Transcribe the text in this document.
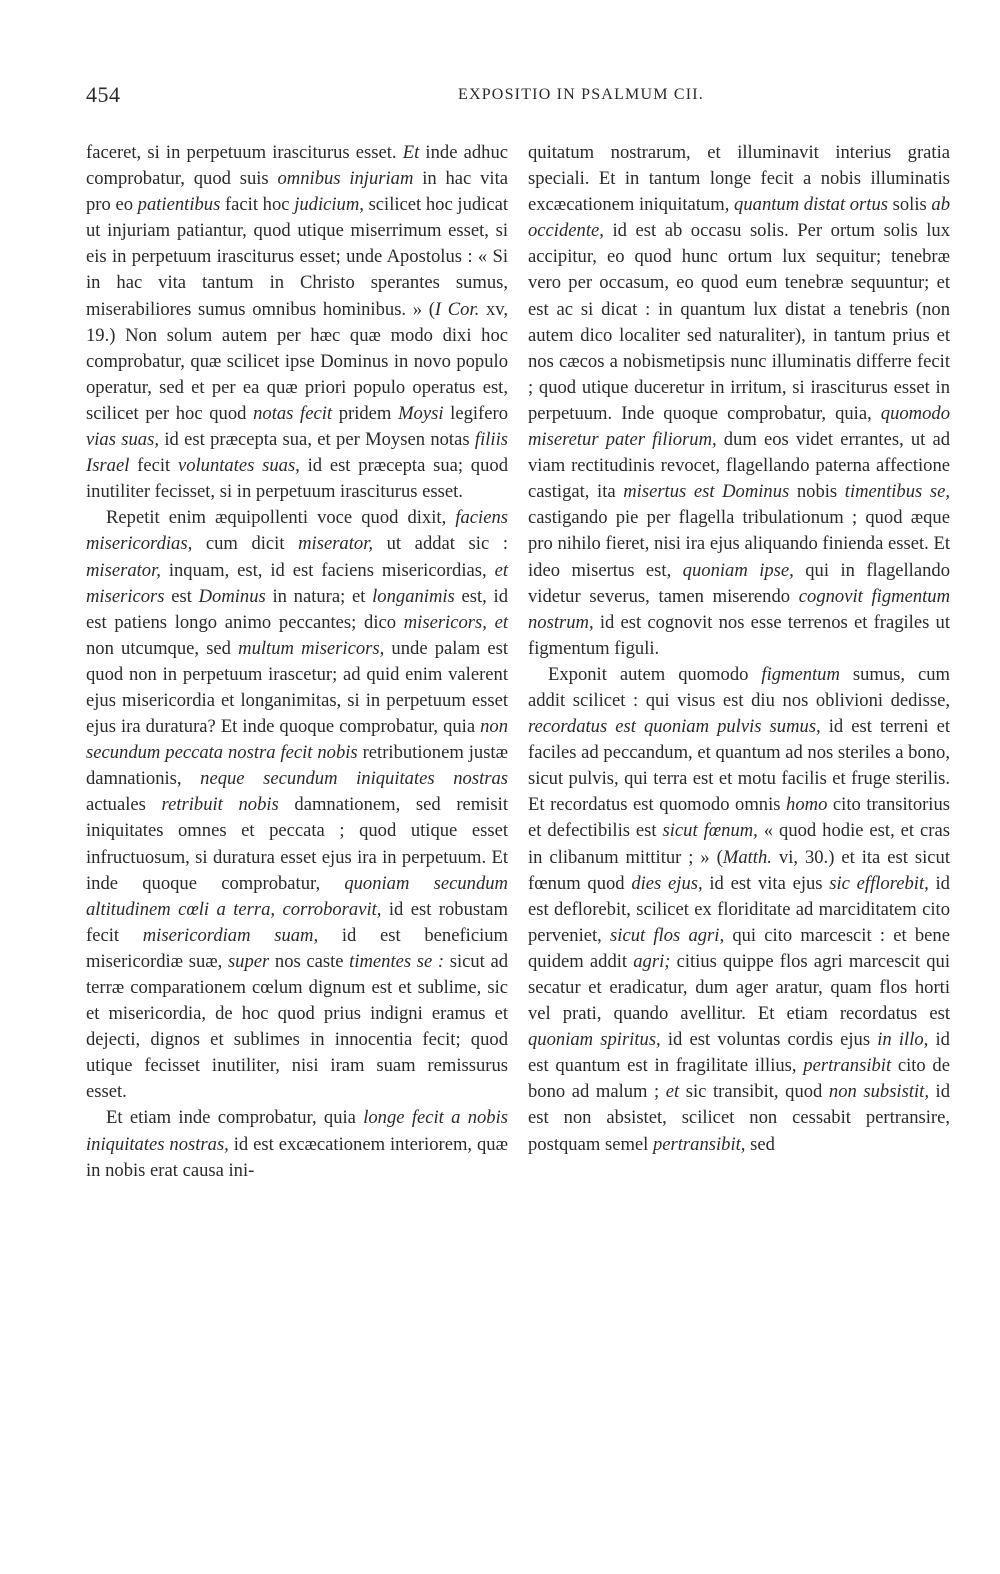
454	EXPOSITIO IN PSALMUM CII.

faceret, si in perpetuum irasciturus esset. Et inde adhuc comprobatur, quod suis omnibus injuriam in hac vita pro eo patientibus facit hoc judicium, scilicet hoc judicat ut injuriam patiantur, quod utique miserrimum esset, si eis in perpetuum irasciturus esset; unde Apostolus : « Si in hac vita tantum in Christo sperantes sumus, miserabiliores sumus omnibus hominibus. » (I Cor. xv, 19.) Non solum autem per hæc quæ modo dixi hoc comprobatur, quæ scilicet ipse Dominus in novo populo operatur, sed et per ea quæ priori populo operatus est, scilicet per hoc quod notas fecit pridem Moysi legifero vias suas, id est præcepta sua, et per Moysen notas filiis Israel fecit voluntates suas, id est præcepta sua; quod inutiliter fecisset, si in perpetuum irasciturus esset.

Repetit enim æquipollenti voce quod dixit, faciens misericordias, cum dicit miserator, ut addat sic : miserator, inquam, est, id est faciens misericordias, et misericors est Dominus in natura; et longanimis est, id est patiens longo animo peccantes; dico misericors, et non utcumque, sed multum misericors, unde palam est quod non in perpetuum irascetur; ad quid enim valerent ejus misericordia et longanimitas, si in perpetuum esset ejus ira duratura? Et inde quoque comprobatur, quia non secundum peccata nostra fecit nobis retributionem justæ damnationis, neque secundum iniquitates nostras actuales retribuit nobis damnationem, sed remisit iniquitates omnes et peccata ; quod utique esset infructuosum, si duratura esset ejus ira in perpetuum. Et inde quoque comprobatur, quoniam secundum altitudinem cœli a terra, corroboravit, id est robustam fecit misericordiam suam, id est beneficium misericordiæ suæ, super nos caste timentes se : sicut ad terræ comparationem cœlum dignum est et sublime, sic et misericordia, de hoc quod prius indigni eramus et dejecti, dignos et sublimes in innocentia fecit; quod utique fecisset inutiliter, nisi iram suam remissurus esset.

Et etiam inde comprobatur, quia longe fecit a nobis iniquitates nostras, id est excæcationem interiorem, quæ in nobis erat causa ini-

quitatum nostrarum, et illuminavit interius gratia speciali. Et in tantum longe fecit a nobis illuminatis excæcationem iniquitatum, quantum distat ortus solis ab occidente, id est ab occasu solis. Per ortum solis lux accipitur, eo quod hunc ortum lux sequitur; tenebræ vero per occasum, eo quod eum tenebræ sequuntur; et est ac si dicat : in quantum lux distat a tenebris (non autem dico localiter sed naturaliter), in tantum prius et nos cæcos a nobismetipsis nunc illuminatis differre fecit ; quod utique duceretur in irritum, si irasciturus esset in perpetuum. Inde quoque comprobatur, quia, quomodo miseretur pater filiorum, dum eos videt errantes, ut ad viam rectitudinis revocet, flagellando paterna affectione castigat, ita misertus est Dominus nobis timentibus se, castigando pie per flagella tribulationum ; quod æque pro nihilo fieret, nisi ira ejus aliquando finienda esset. Et ideo misertus est, quoniam ipse, qui in flagellando videtur severus, tamen miserendo cognovit figmentum nostrum, id est cognovit nos esse terrenos et fragiles ut figmentum figuli.

Exponit autem quomodo figmentum sumus, cum addit scilicet : qui visus est diu nos oblivioni dedisse, recordatus est quoniam pulvis sumus, id est terreni et faciles ad peccandum, et quantum ad nos steriles a bono, sicut pulvis, qui terra est et motu facilis et fruge sterilis. Et recordatus est quomodo omnis homo cito transitorius et defectibilis est sicut fœnum, « quod hodie est, et cras in clibanum mittitur ; » (Matth. vi, 30.) et ita est sicut fœnum quod dies ejus, id est vita ejus sic efflorebit, id est deflorebit, scilicet ex floriditate ad marciditatem cito perveniet, sicut flos agri, qui cito marcescit : et bene quidem addit agri; citius quippe flos agri marcescit qui secatur et eradicatur, dum ager aratur, quam flos horti vel prati, quando avellitur. Et etiam recordatus est quoniam spiritus, id est voluntas cordis ejus in illo, id est quantum est in fragilitate illius, pertransibit cito de bono ad malum ; et sic transibit, quod non subsistit, id est non absistet, scilicet non cessabit pertransire, postquam semel pertransibit, sed
